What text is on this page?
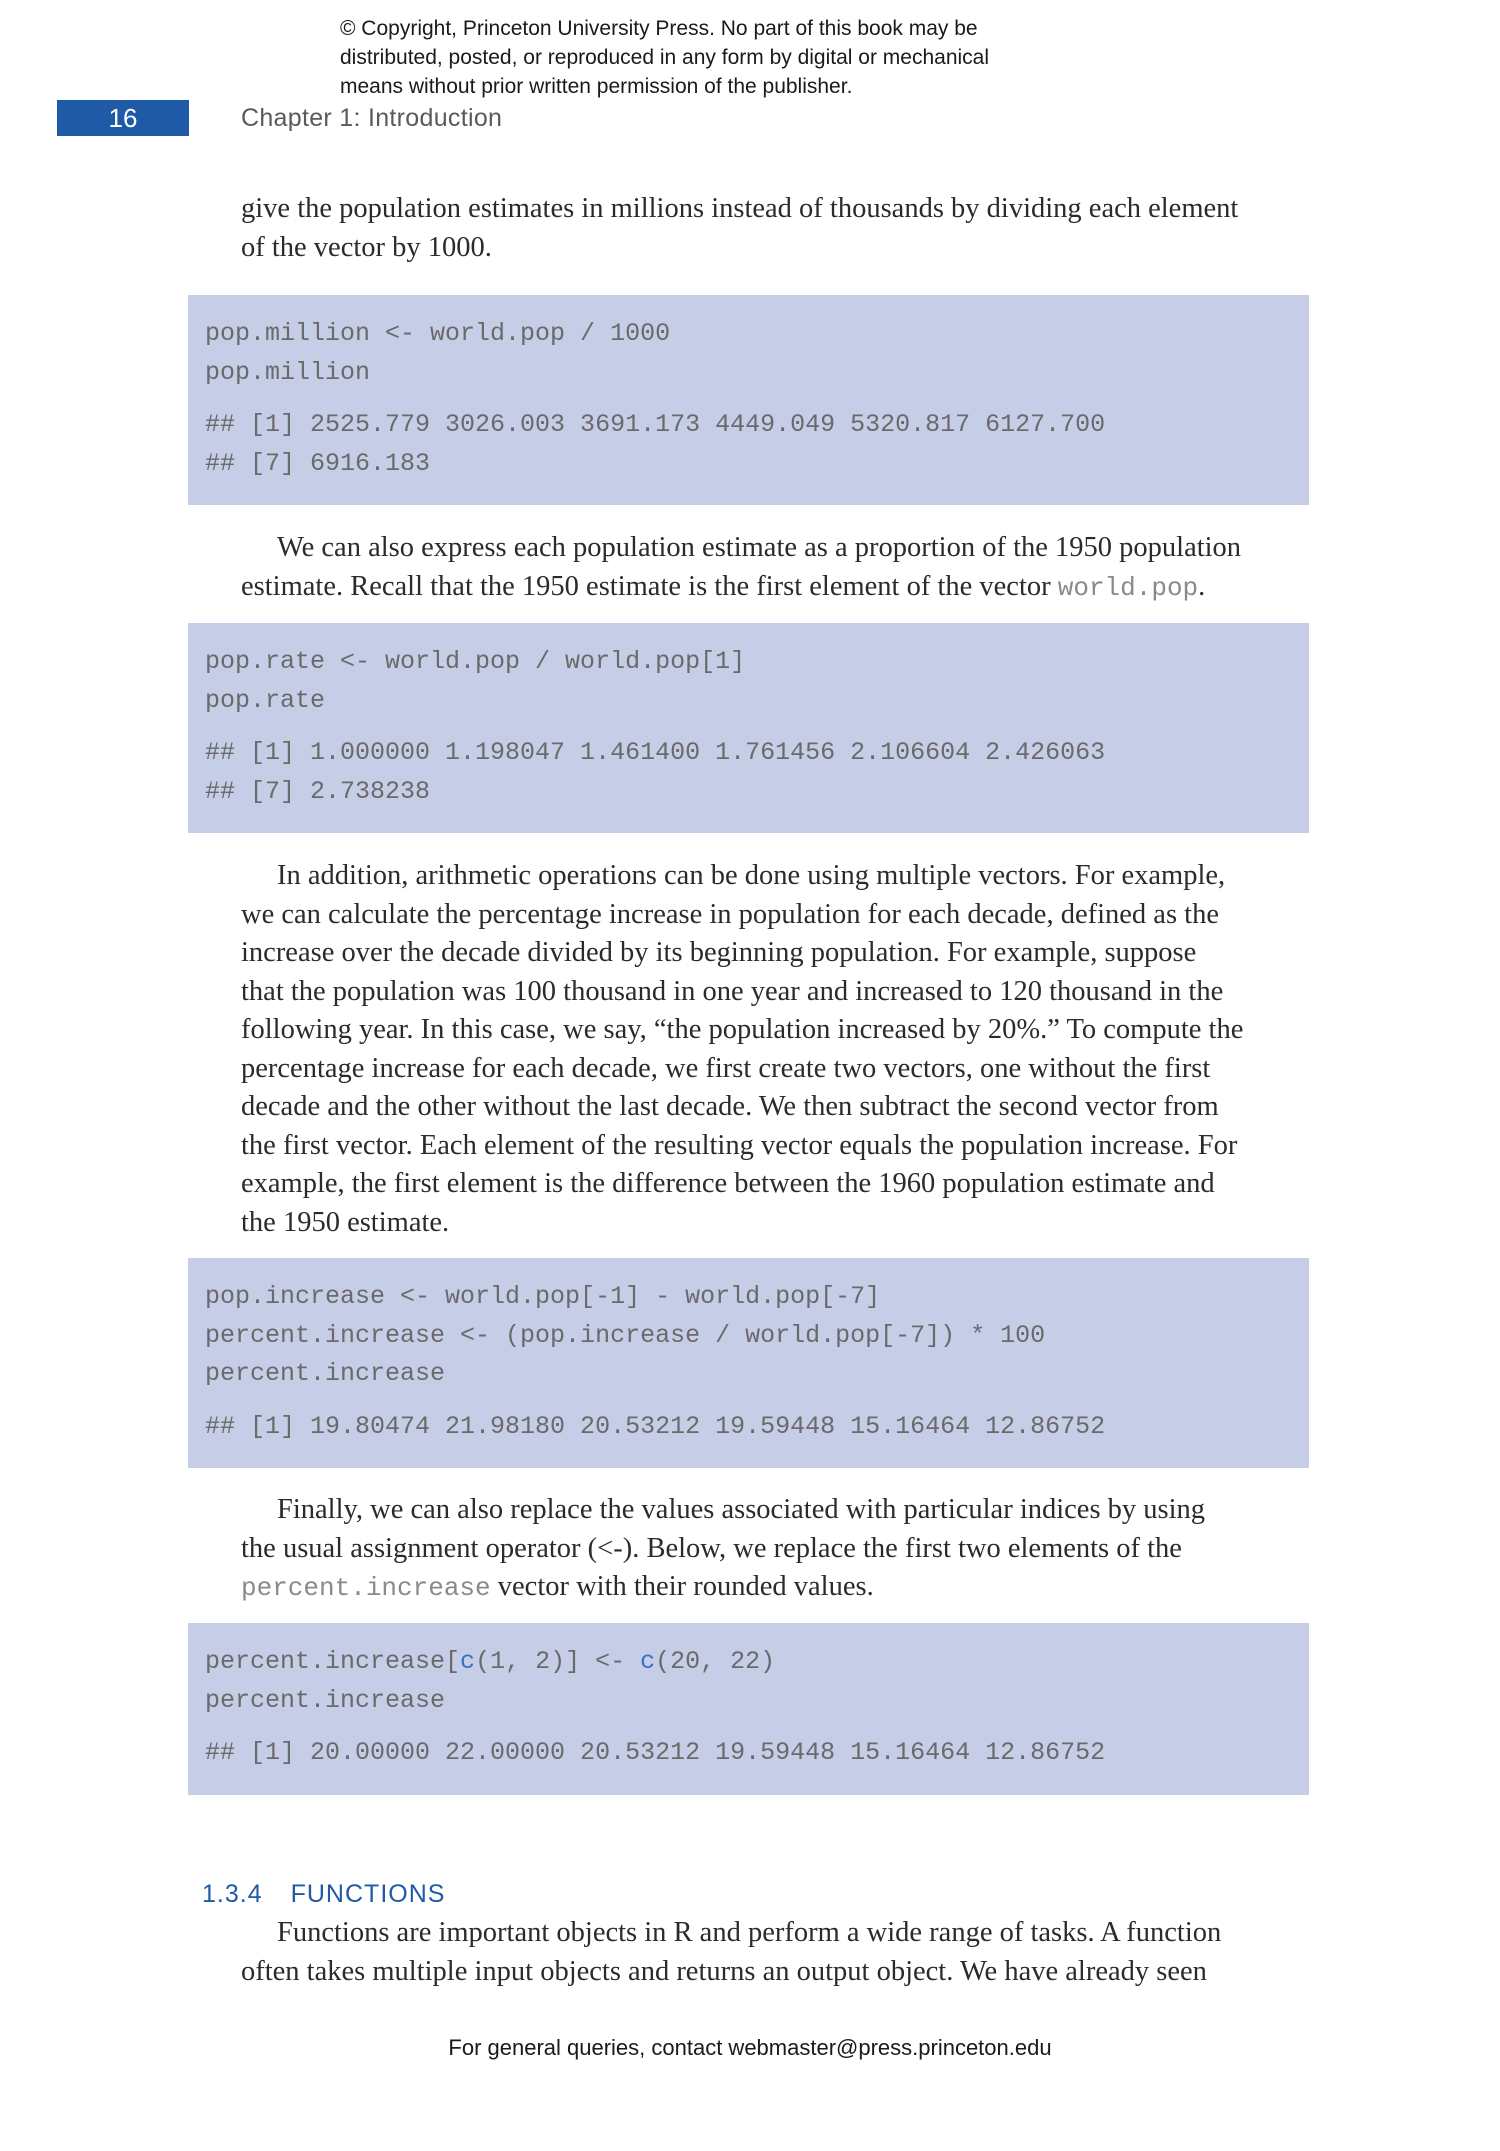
© Copyright, Princeton University Press. No part of this book may be
distributed, posted, or reproduced in any form by digital or mechanical
means without prior written permission of the publisher.
16	Chapter 1: Introduction
give the population estimates in millions instead of thousands by dividing each element
of the vector by 1000.
pop.million <- world.pop / 1000
pop.million
## [1] 2525.779 3026.003 3691.173 4449.049 5320.817 6127.700
## [7] 6916.183
We can also express each population estimate as a proportion of the 1950 population
estimate. Recall that the 1950 estimate is the first element of the vector world.pop.
pop.rate <- world.pop / world.pop[1]
pop.rate
## [1] 1.000000 1.198047 1.461400 1.761456 2.106604 2.426063
## [7] 2.738238
In addition, arithmetic operations can be done using multiple vectors. For example,
we can calculate the percentage increase in population for each decade, defined as the
increase over the decade divided by its beginning population. For example, suppose
that the population was 100 thousand in one year and increased to 120 thousand in the
following year. In this case, we say, “the population increased by 20%.” To compute the
percentage increase for each decade, we first create two vectors, one without the first
decade and the other without the last decade. We then subtract the second vector from
the first vector. Each element of the resulting vector equals the population increase. For
example, the first element is the difference between the 1960 population estimate and
the 1950 estimate.
pop.increase <- world.pop[-1] - world.pop[-7]
percent.increase <- (pop.increase / world.pop[-7]) * 100
percent.increase
## [1] 19.80474 21.98180 20.53212 19.59448 15.16464 12.86752
Finally, we can also replace the values associated with particular indices by using
the usual assignment operator (<-). Below, we replace the first two elements of the
percent.increase vector with their rounded values.
percent.increase[c(1, 2)] <- c(20, 22)
percent.increase
## [1] 20.00000 22.00000 20.53212 19.59448 15.16464 12.86752
1.3.4 FUNCTIONS
Functions are important objects in R and perform a wide range of tasks. A function
often takes multiple input objects and returns an output object. We have already seen
For general queries, contact webmaster@press.princeton.edu
